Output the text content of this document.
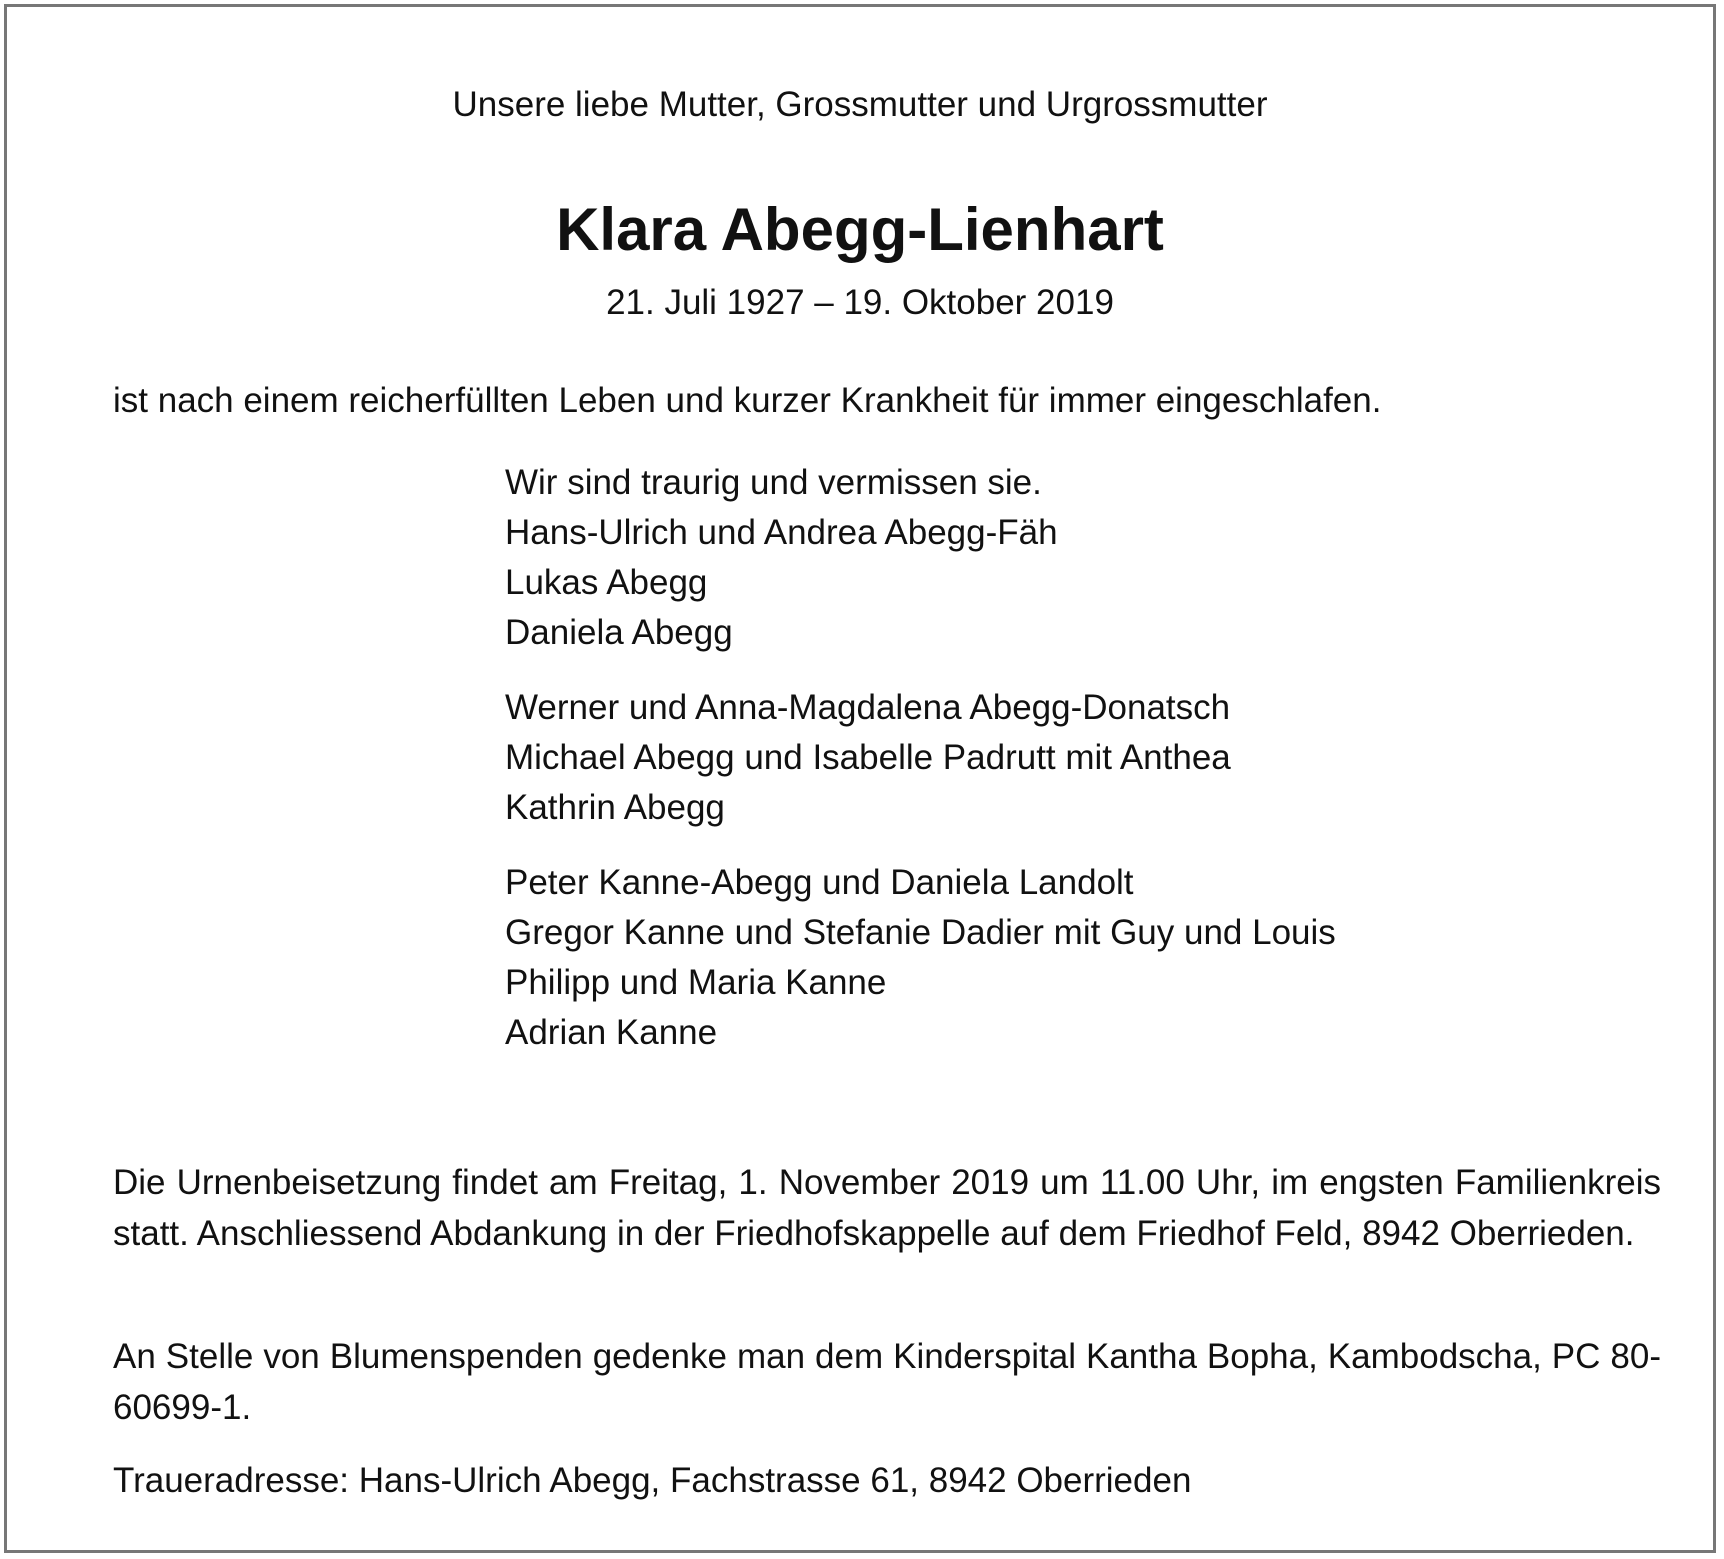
Unsere liebe Mutter, Grossmutter und Urgrossmutter

Klara Abegg-Lienhart

21. Juli 1927 – 19. Oktober 2019

ist nach einem reicherfüllten Leben und kurzer Krankheit für immer eingeschlafen.

Wir sind traurig und vermissen sie.

Hans-Ulrich und Andrea Abegg-Fäh

Lukas Abegg

Daniela Abegg

Werner und Anna-Magdalena Abegg-Donatsch

Michael Abegg und Isabelle Padrutt mit Anthea

Kathrin Abegg

Peter Kanne-Abegg und Daniela Landolt

Gregor Kanne und Stefanie Dadier mit Guy und Louis

Philipp und Maria Kanne

Adrian Kanne

Die Urnenbeisetzung findet am Freitag, 1. November 2019 um 11.00 Uhr, im engsten Familienkreis statt. Anschliessend Abdankung in der Friedhofskappelle auf dem Friedhof Feld, 8942 Oberrieden.

An Stelle von Blumenspenden gedenke man dem Kinderspital Kantha Bopha, Kambodscha, PC 80-60699-1.

Traueradresse: Hans-Ulrich Abegg, Fachstrasse 61, 8942 Oberrieden
